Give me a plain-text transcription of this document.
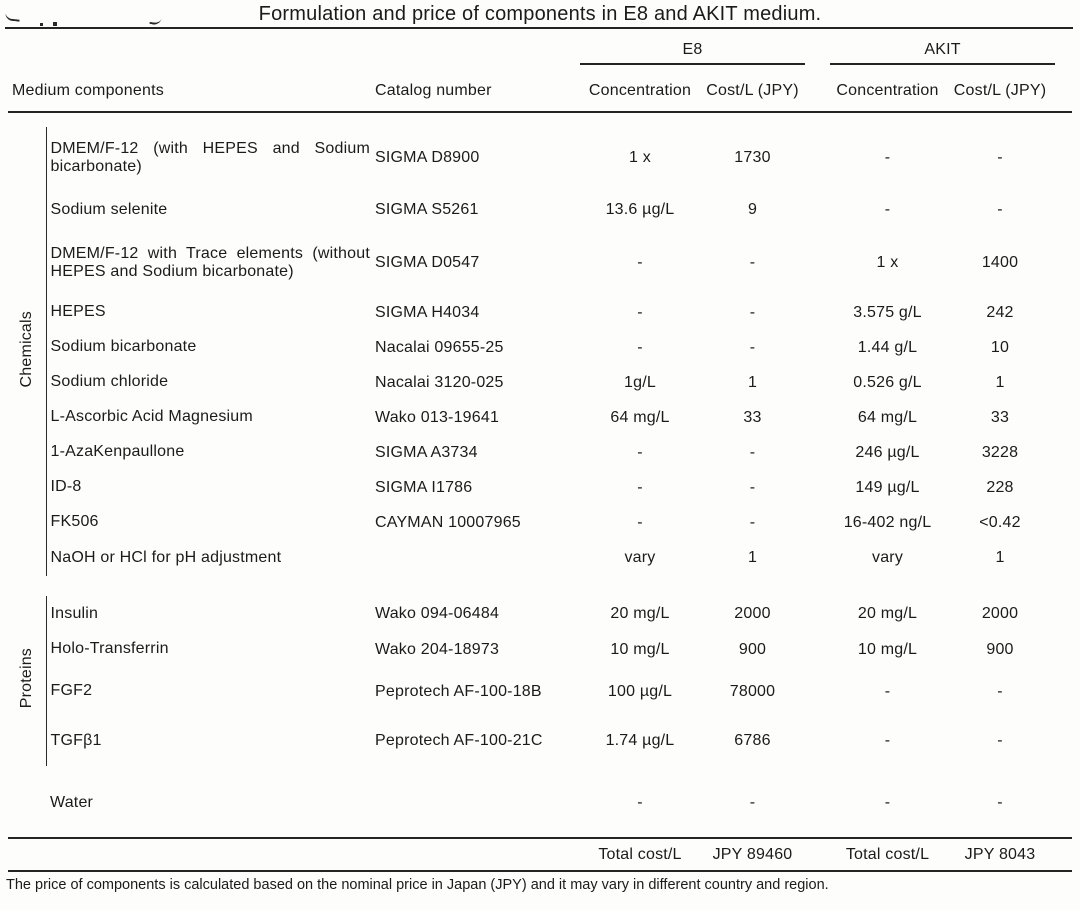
Formulation and price of components in E8 and AKIT medium.
			E8			AKIT		
Medium components		Catalog number	Concentration	Cost/L (JPY)		Concentration	Cost/L (JPY)	

Chemicals	DMEM/F-12 (with HEPES and Sodium bicarbonate)	SIGMA D8900	1 x	1730		-	-	
	Sodium selenite	SIGMA S5261	13.6 µg/L	9		-	-	
	DMEM/F-12 with Trace elements (without HEPES and Sodium bicarbonate)	SIGMA D0547	-	-		1 x	1400	
	HEPES	SIGMA H4034	-	-		3.575 g/L	242	
	Sodium bicarbonate	Nacalai 09655-25	-	-		1.44 g/L	10	
	Sodium chloride	Nacalai 3120-025	1g/L	1		0.526 g/L	1	
	L-Ascorbic Acid Magnesium	Wako 013-19641	64 mg/L	33		64 mg/L	33	
	1-AzaKenpaullone	SIGMA A3734	-	-		246 µg/L	3228	
	ID-8	SIGMA I1786	-	-		149 µg/L	228	
	FK506	CAYMAN 10007965	-	-		16-402 ng/L	<0.42	
	NaOH or HCl for pH adjustment		vary	1		vary	1	

Proteins	Insulin	Wako 094-06484	20 mg/L	2000		20 mg/L	2000	
	Holo-Transferrin	Wako 204-18973	10 mg/L	900		10 mg/L	900	
	FGF2	Peprotech AF-100-18B	100 µg/L	78000		-	-	
	TGFβ1	Peprotech AF-100-21C	1.74 µg/L	6786		-	-	

	Water		-	-		-	-	

			Total cost/L	JPY 89460		Total cost/L	JPY 8043	
The price of components is calculated based on the nominal price in Japan (JPY) and it may vary in different country and region.
